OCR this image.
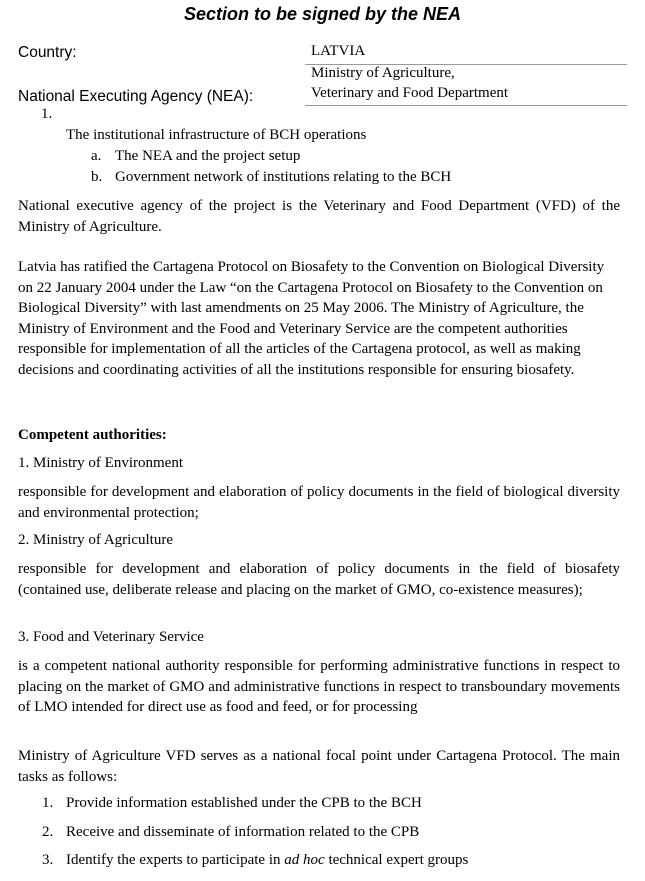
Section to be signed by the NEA
Country:	LATVIA
Ministry of Agriculture,
National Executing Agency (NEA):	Veterinary and Food Department
1.
The institutional infrastructure of BCH operations
a. The NEA and the project setup
b. Government network of institutions relating to the BCH
National executive agency of the project is the Veterinary and Food Department (VFD) of the Ministry of Agriculture.
Latvia has ratified the Cartagena Protocol on Biosafety to the Convention on Biological Diversity on 22 January 2004 under the Law “on the Cartagena Protocol on Biosafety to the Convention on Biological Diversity” with last amendments on 25 May 2006. The Ministry of Agriculture, the Ministry of Environment and the Food and Veterinary Service are the competent authorities responsible for implementation of all the articles of the Cartagena protocol, as well as making decisions and coordinating activities of all the institutions responsible for ensuring biosafety.
Competent authorities:
1. Ministry of Environment
responsible for development and elaboration of policy documents in the field of biological diversity and environmental protection;
2. Ministry of Agriculture
responsible for development and elaboration of policy documents in the field of biosafety (contained use, deliberate release and placing on the market of GMO, co-existence measures);
3. Food and Veterinary Service
is a competent national authority responsible for performing administrative functions in respect to placing on the market of GMO and administrative functions in respect to transboundary movements of LMO intended for direct use as food and feed, or for processing
Ministry of Agriculture VFD serves as a national focal point under Cartagena Protocol. The main tasks as follows:
1. Provide information established under the CPB to the BCH
2. Receive and disseminate of information related to the CPB
3. Identify the experts to participate in ad hoc technical expert groups
